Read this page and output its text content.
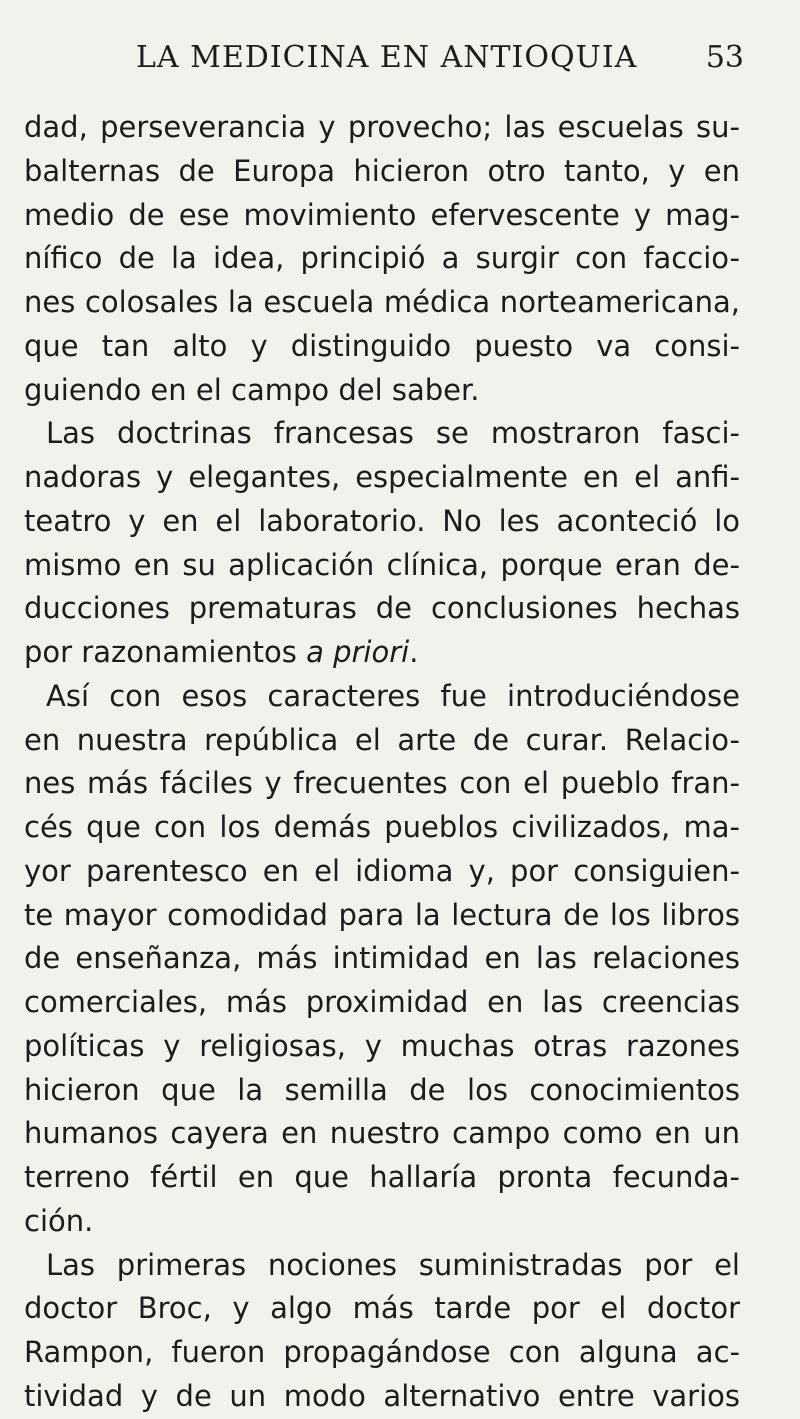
LA MEDICINA EN ANTIOQUIA 53
dad, perseverancia y provecho; las escuelas su-
balternas de Europa hicieron otro tanto, y en
medio de ese movimiento efervescente y mag-
nífico de la idea, principió a surgir con faccio-
nes colosales la escuela médica norteamericana,
que tan alto y distinguido puesto va consi-
guiendo en el campo del saber.
Las doctrinas francesas se mostraron fasci-
nadoras y elegantes, especialmente en el anfi-
teatro y en el laboratorio. No les aconteció lo
mismo en su aplicación clínica, porque eran de-
ducciones prematuras de conclusiones hechas
por razonamientos a priori.
Así con esos caracteres fue introduciéndose
en nuestra república el arte de curar. Relacio-
nes más fáciles y frecuentes con el pueblo fran-
cés que con los demás pueblos civilizados, ma-
yor parentesco en el idioma y, por consiguien-
te mayor comodidad para la lectura de los libros
de enseñanza, más intimidad en las relaciones
comerciales, más proximidad en las creencias
políticas y religiosas, y muchas otras razones
hicieron que la semilla de los conocimientos
humanos cayera en nuestro campo como en un
terreno fértil en que hallaría pronta fecunda-
ción.
Las primeras nociones suministradas por el
doctor Broc, y algo más tarde por el doctor
Rampon, fueron propagándose con alguna ac-
tividad y de un modo alternativo entre varios
